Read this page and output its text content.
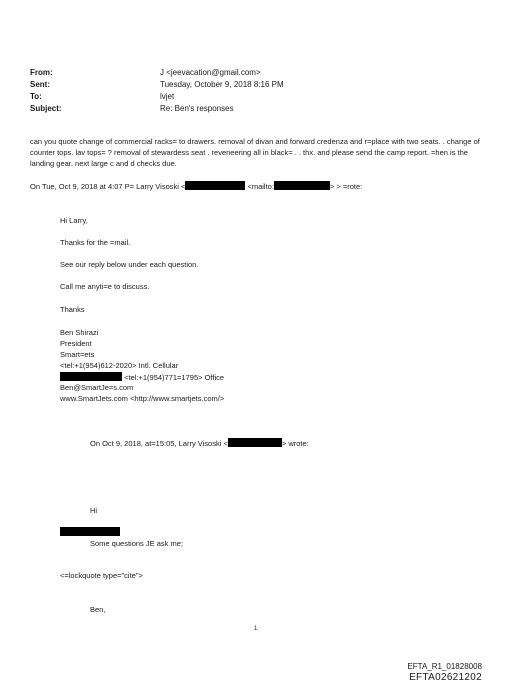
From:	J <jeevacation@gmail.com>
Sent:	Tuesday, October 9, 2018 8:16 PM
To:	lvjet
Subject:	Re: Ben's responses
can you quote change of commercial racks= to drawers. removal of divan and forward credenza and r=place with two seats. . change of counter tops. lav tops= ? removal of stewardess seat . reveneering all in black= . . thx. and please send the camp report. =hen is the landing gear. next large c and d checks due.
On Tue, Oct 9, 2018 at 4:07 P= Larry Visoski <	<mailto:	> > =rote:
Hi Larry,
Thanks for the =mail.
See our reply below under each question.
Call me anyti=e to discuss.
Thanks
Ben Shirazi
President
Smart=ets
<tel:+1(954)612-2020> Intl. Cellular
<tel:+1(954)771=1795> Office
Ben@SmartJe=s.com
www.SmartJets.com <http://www.smartjets.com/>
On Oct 9, 2018, at=15:05, Larry Visoski <	> wrote:
Hi
Some questions JE ask me;
<=lockquote type="cite">
Ben,
1
EFTA_R1_01828008
EFTA02621202
